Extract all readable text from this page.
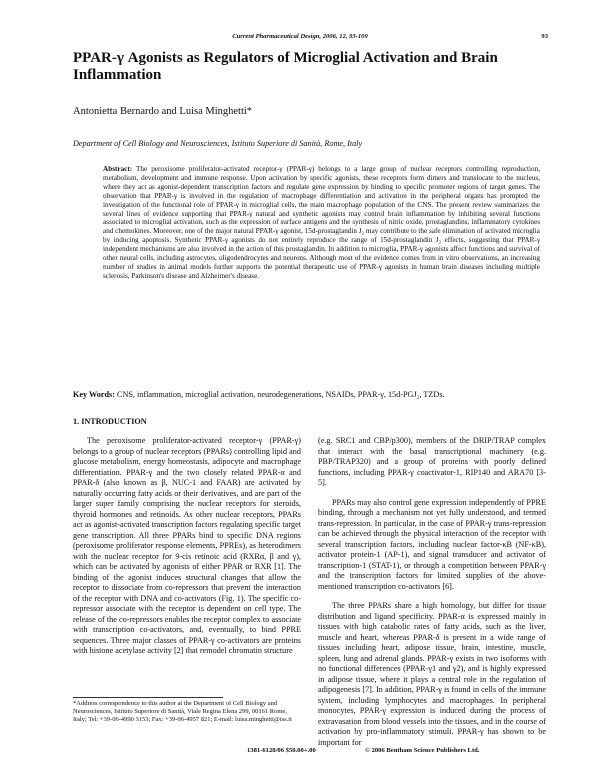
Current Pharmaceutical Design, 2006, 12, 93-109	93
PPAR-γ Agonists as Regulators of Microglial Activation and Brain Inflammation
Antonietta Bernardo and Luisa Minghetti*
Department of Cell Biology and Neurosciences, Istituto Superiore di Sanità, Rome, Italy
Abstract: The peroxisome proliferator-activated receptor-γ (PPAR-γ) belongs to a large group of nuclear receptors controlling reproduction, metabolism, development and immune response. Upon activation by specific agonists, these receptors form dimers and translocate to the nucleus, where they act as agonist-dependent transcription factors and regulate gene expression by binding to specific promoter regions of target genes. The observation that PPAR-γ is involved in the regulation of macrophage differentiation and activation in the peripheral organs has prompted the investigation of the functional role of PPAR-γ in microglial cells, the main macrophage population of the CNS. The present review summarizes the several lines of evidence supporting that PPAR-γ natural and synthetic agonists may control brain inflammation by inhibiting several functions associated to microglial activation, such as the expression of surface antigens and the synthesis of nitric oxide, prostaglandins, inflammatory cytokines and chemokines. Moreover, one of the major natural PPAR-γ agonist, 15d-prostaglandin J₂ may contribute to the safe elimination of activated microglia by inducing apoptosis. Synthetic PPAR-γ agonists do not entirely reproduce the range of 15d-prostaglandin J₂ effects, suggesting that PPAR-γ independent mechanisms are also involved in the action of this prostaglandin. In addition to microglia, PPAR-γ agonists affect functions and survival of other neural cells, including astrocytes, oligodendrocytes and neurons. Although most of the evidence comes from in vitro observations, an increasing number of studies in animal models further supports the potential therapeutic use of PPAR-γ agonists in human brain diseases including multiple sclerosis, Parkinson's disease and Alzheimer's disease.
Key Words: CNS, inflammation, microglial activation, neurodegenerations, NSAIDs, PPAR-γ, 15d-PGJ₂, TZDs.
1. INTRODUCTION

The peroxisome proliferator-activated receptor-γ (PPAR-γ) belongs to a group of nuclear receptors (PPARs) controlling lipid and glucose metabolism, energy homeostasis, adipocyte and macrophage differentiation. PPAR-γ and the two closely related PPAR-α and PPAR-δ (also known as β, NUC-1 and FAAR) are activated by naturally occurring fatty acids or their derivatives, and are part of the larger super family comprising the nuclear receptors for steroids, thyroid hormones and retinoids. As other nuclear receptors, PPARs act as agonist-activated transcription factors regulating specific target gene transcription. All three PPARs bind to specific DNA regions (peroxisome proliferator response elements, PPREs), as heterodimers with the nuclear receptor for 9-cis retinoic acid (RXRα, β and γ), which can be activated by agonists of either PPAR or RXR [1]. The binding of the agonist induces structural changes that allow the receptor to dissociate from co-repressors that prevent the interaction of the receptor with DNA and co-activators (Fig. 1). The specific co-repressor associate with the receptor is dependent on cell type. The release of the co-repressors enables the receptor complex to associate with transcription co-activators, and, eventually, to bind PPRE sequences. Three major classes of PPAR-γ co-activators are proteins with histone acetylase activity [2] that remodel chromatin structure

(e.g. SRC1 and CBP/p300), members of the DRIP/TRAP complex that interact with the basal transcriptional machinery (e.g. PBP/TRAP320) and a group of proteins with poorly defined functions, including PPAR-γ coactivator-1, RIP140 and ARA70 [3-5].

PPARs may also control gene expression independently of PPRE binding, through a mechanism not yet fully understood, and termed trans-repression. In particular, in the case of PPAR-γ trans-repression can be achieved through the physical interaction of the receptor with several transcription factors, including nuclear factor-κB (NF-κB), activator protein-1 (AP-1), and signal transducer and activator of transcription-1 (STAT-1), or through a competition between PPAR-γ and the transcription factors for limited supplies of the above-mentioned transcription co-activators [6].

The three PPARs share a high homology, but differ for tissue distribution and ligand specificity. PPAR-α is expressed mainly in tissues with high catabolic rates of fatty acids, such as the liver, muscle and heart, whereas PPAR-δ is present in a wide range of tissues including heart, adipose tissue, brain, intestine, muscle, spleen, lung and adrenal glands. PPAR-γ exists in two isoforms with no functional differences (PPAR-γ1 and γ2), and is highly expressed in adipose tissue, where it plays a central role in the regulation of adipogenesis [7]. In addition, PPAR-γ is found in cells of the immune system, including lymphocytes and macrophages. In peripheral monocytes, PPAR-γ expression is induced during the process of extravasation from blood vessels into the tissues, and in the course of activation by pro-inflammatory stimuli. PPAR-γ has shown to be important for

*Address correspondence to this author at the Department of Cell Biology and Neurosciences, Istituto Superiore di Sanità, Viale Regina Elena 299, 00161 Rome, Italy; Tel: +39-06-4990 3153; Fax: +39-06-4957 821; E-mail: luisa.minghetti@iss.it
1381-6128/06 $50.00+.00	© 2006 Bentham Science Publishers Ltd.
